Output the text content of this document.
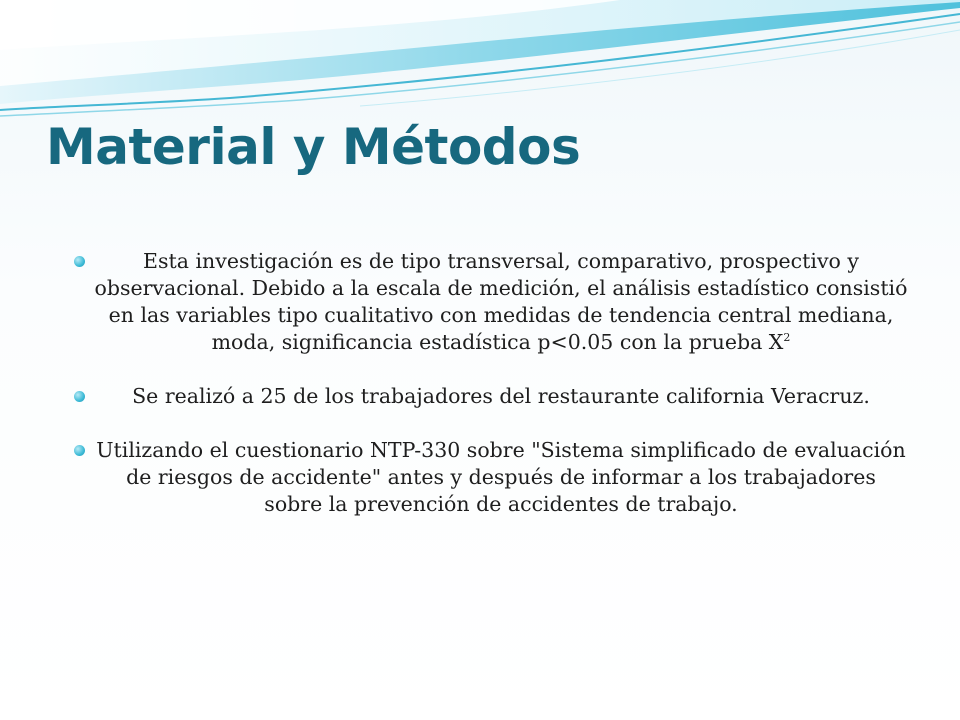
Material y Métodos
Esta investigación es de tipo transversal, comparativo, prospectivo y observacional. Debido a la escala de medición, el análisis estadístico consistió en las variables tipo cualitativo con medidas de tendencia central mediana, moda, significancia estadística p<0.05 con la prueba $X^2$
Se realizó a 25 de los trabajadores del restaurante california Veracruz.
Utilizando el cuestionario NTP-330 sobre "Sistema simplificado de evaluación de riesgos de accidente" antes y después de informar a los trabajadores sobre la prevención de accidentes de trabajo.
